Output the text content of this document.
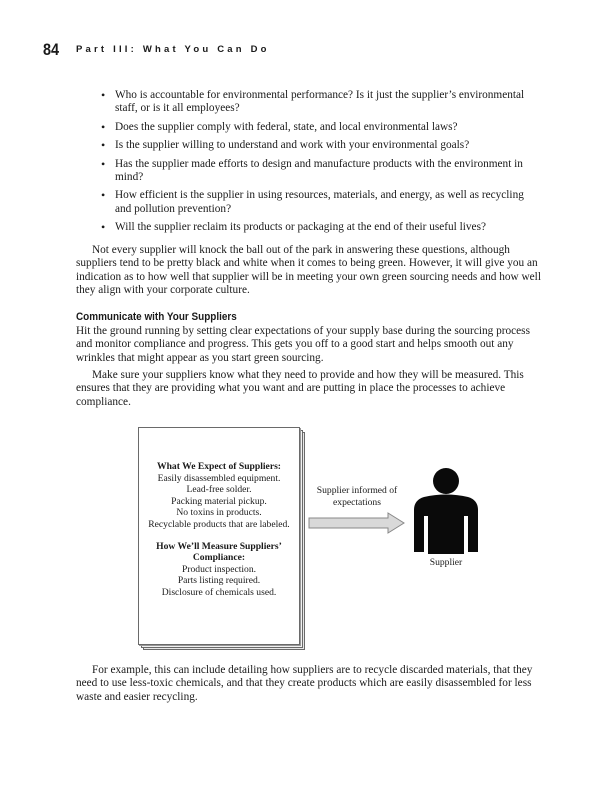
84 Part III: What You Can Do
• Who is accountable for environmental performance? Is it just the supplier’s environmental staff, or is it all employees?
• Does the supplier comply with federal, state, and local environmental laws?
• Is the supplier willing to understand and work with your environmental goals?
• Has the supplier made efforts to design and manufacture products with the environment in mind?
• How efficient is the supplier in using resources, materials, and energy, as well as recycling and pollution prevention?
• Will the supplier reclaim its products or packaging at the end of their useful lives?

Not every supplier will knock the ball out of the park in answering these questions, although suppliers tend to be pretty black and white when it comes to being green. However, it will give you an indication as to how well that supplier will be in meeting your own green sourcing needs and how well they align with your corporate culture.

Communicate with Your Suppliers

Hit the ground running by setting clear expectations of your supply base during the sourcing process and monitor compliance and progress. This gets you off to a good start and helps smooth out any wrinkles that might appear as you start green sourcing.

Make sure your suppliers know what they need to provide and how they will be measured. This ensures that they are providing what you want and are putting in place the processes to achieve compliance.

What We Expect of Suppliers:
Easily disassembled equipment.
Lead-free solder.
Packing material pickup.
No toxins in products.
Recyclable products that are labeled.
How We’ll Measure Suppliers’ Compliance:
Product inspection.
Parts listing required.
Disclosure of chemicals used.
Supplier informed of expectations
Supplier

For example, this can include detailing how suppliers are to recycle discarded materials, that they need to use less-toxic chemicals, and that they create products which are easily disassembled for less waste and easier recycling.
